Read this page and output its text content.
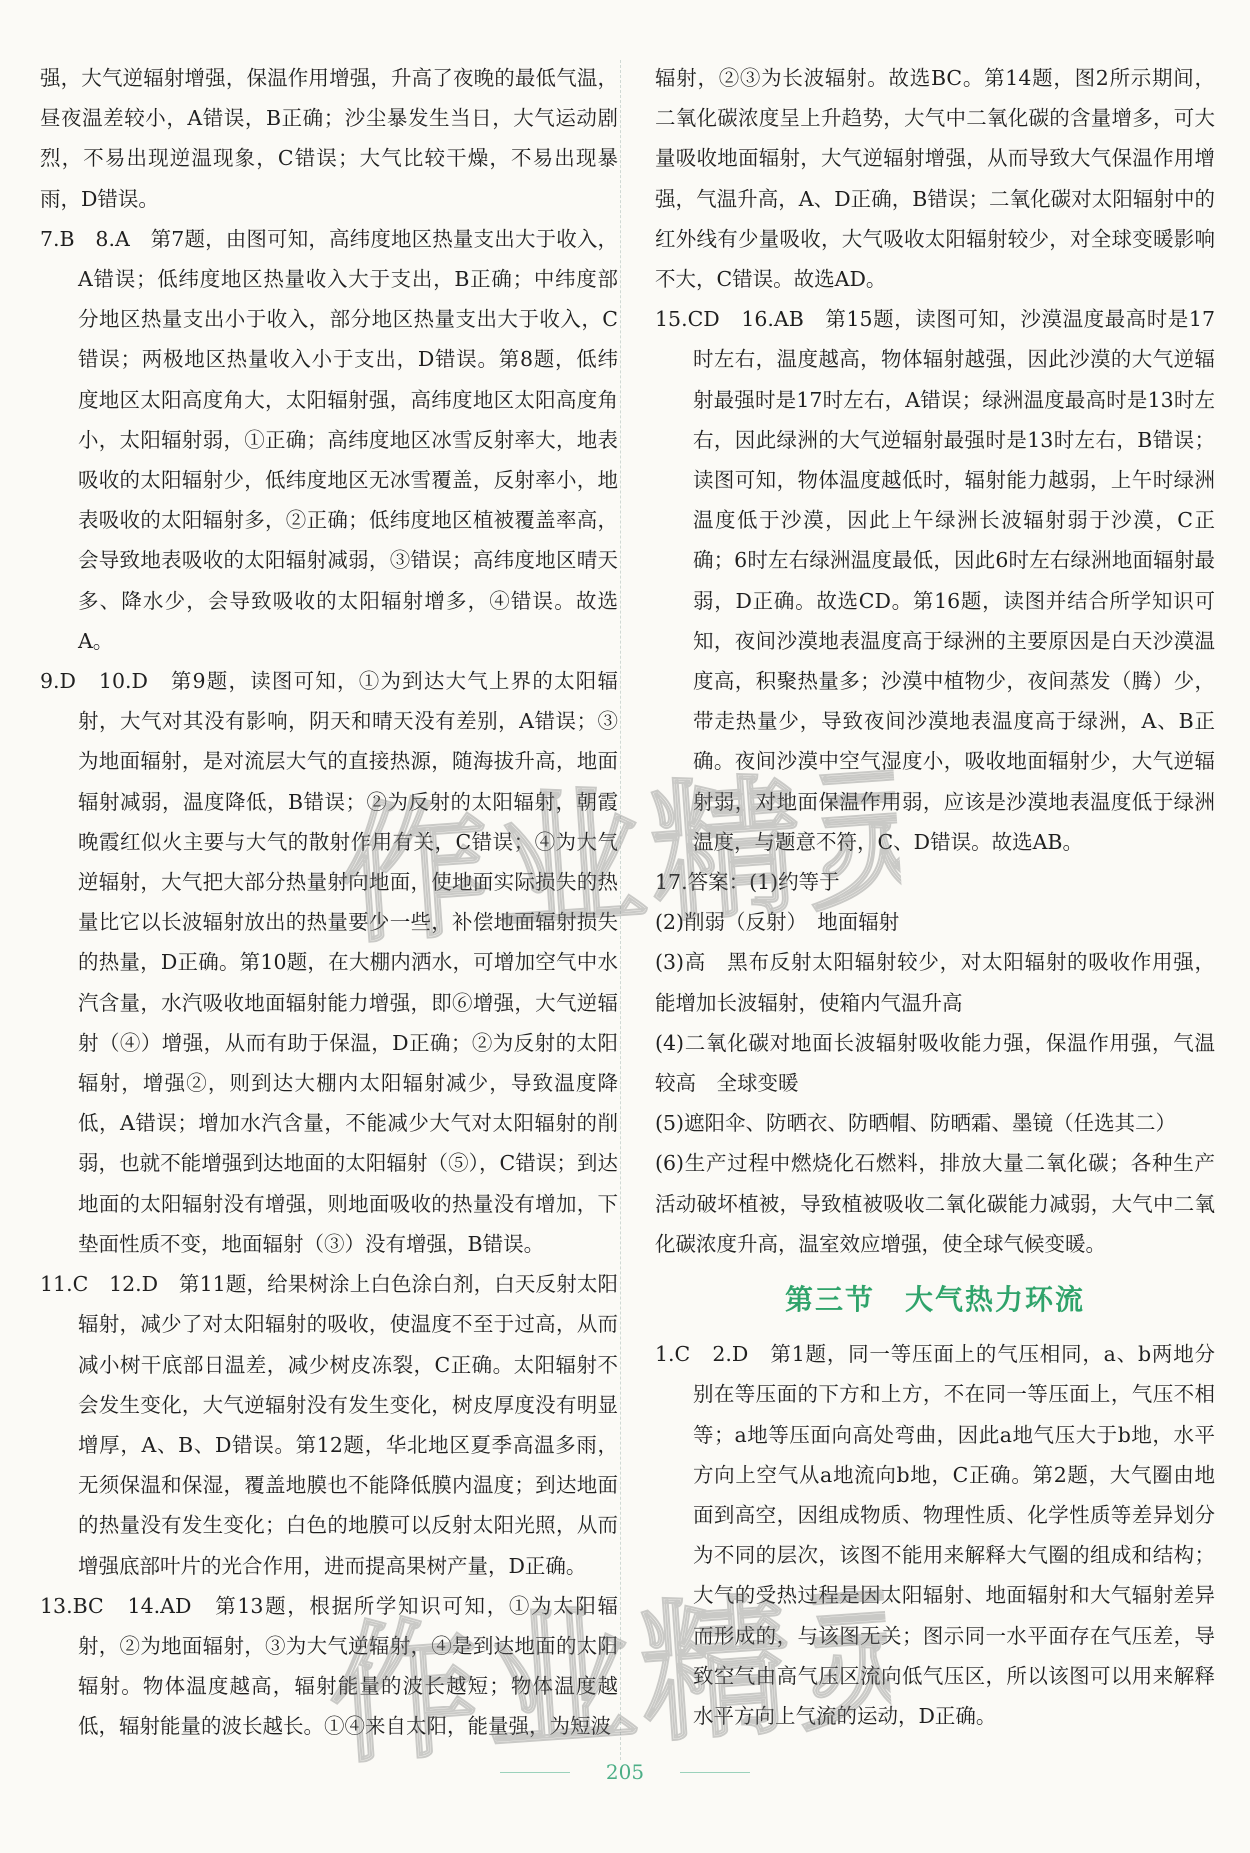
强，大气逆辐射增强，保温作用增强，升高了夜晚的最低气温，昼夜温差较小，A错误，B正确；沙尘暴发生当日，大气运动剧烈，不易出现逆温现象，C错误；大气比较干燥，不易出现暴雨，D错误。
7.B　8.A　第7题，由图可知，高纬度地区热量支出大于收入，A错误；低纬度地区热量收入大于支出，B正确；中纬度部分地区热量支出小于收入，部分地区热量支出大于收入，C错误；两极地区热量收入小于支出，D错误。第8题，低纬度地区太阳高度角大，太阳辐射强，高纬度地区太阳高度角小，太阳辐射弱，①正确；高纬度地区冰雪反射率大，地表吸收的太阳辐射少，低纬度地区无冰雪覆盖，反射率小，地表吸收的太阳辐射多，②正确；低纬度地区植被覆盖率高，会导致地表吸收的太阳辐射减弱，③错误；高纬度地区晴天多、降水少，会导致吸收的太阳辐射增多，④错误。故选A。
9.D　10.D　第9题，读图可知，①为到达大气上界的太阳辐射，大气对其没有影响，阴天和晴天没有差别，A错误；③为地面辐射，是对流层大气的直接热源，随海拔升高，地面辐射减弱，温度降低，B错误；②为反射的太阳辐射，朝霞晚霞红似火主要与大气的散射作用有关，C错误；④为大气逆辐射，大气把大部分热量射向地面，使地面实际损失的热量比它以长波辐射放出的热量要少一些，补偿地面辐射损失的热量，D正确。第10题，在大棚内洒水，可增加空气中水汽含量，水汽吸收地面辐射能力增强，即⑥增强，大气逆辐射（④）增强，从而有助于保温，D正确；②为反射的太阳辐射，增强②，则到达大棚内太阳辐射减少，导致温度降低，A错误；增加水汽含量，不能减少大气对太阳辐射的削弱，也就不能增强到达地面的太阳辐射（⑤），C错误；到达地面的太阳辐射没有增强，则地面吸收的热量没有增加，下垫面性质不变，地面辐射（③）没有增强，B错误。
11.C　12.D　第11题，给果树涂上白色涂白剂，白天反射太阳辐射，减少了对太阳辐射的吸收，使温度不至于过高，从而减小树干底部日温差，减少树皮冻裂，C正确。太阳辐射不会发生变化，大气逆辐射没有发生变化，树皮厚度没有明显增厚，A、B、D错误。第12题，华北地区夏季高温多雨，无须保温和保湿，覆盖地膜也不能降低膜内温度；到达地面的热量没有发生变化；白色的地膜可以反射太阳光照，从而增强底部叶片的光合作用，进而提高果树产量，D正确。
13.BC　14.AD　第13题，根据所学知识可知，①为太阳辐射，②为地面辐射，③为大气逆辐射，④是到达地面的太阳辐射。物体温度越高，辐射能量的波长越短；物体温度越低，辐射能量的波长越长。①④来自太阳，能量强，为短波
辐射，②③为长波辐射。故选BC。第14题，图2所示期间，二氧化碳浓度呈上升趋势，大气中二氧化碳的含量增多，可大量吸收地面辐射，大气逆辐射增强，从而导致大气保温作用增强，气温升高，A、D正确，B错误；二氧化碳对太阳辐射中的红外线有少量吸收，大气吸收太阳辐射较少，对全球变暖影响不大，C错误。故选AD。
15.CD　16.AB　第15题，读图可知，沙漠温度最高时是17时左右，温度越高，物体辐射越强，因此沙漠的大气逆辐射最强时是17时左右，A错误；绿洲温度最高时是13时左右，因此绿洲的大气逆辐射最强时是13时左右，B错误；读图可知，物体温度越低时，辐射能力越弱，上午时绿洲温度低于沙漠，因此上午绿洲长波辐射弱于沙漠，C正确；6时左右绿洲温度最低，因此6时左右绿洲地面辐射最弱，D正确。故选CD。第16题，读图并结合所学知识可知，夜间沙漠地表温度高于绿洲的主要原因是白天沙漠温度高，积聚热量多；沙漠中植物少，夜间蒸发（腾）少，带走热量少，导致夜间沙漠地表温度高于绿洲，A、B正确。夜间沙漠中空气湿度小，吸收地面辐射少，大气逆辐射弱，对地面保温作用弱，应该是沙漠地表温度低于绿洲温度，与题意不符，C、D错误。故选AB。
17.答案：(1)约等于
(2)削弱（反射）　地面辐射
(3)高　黑布反射太阳辐射较少，对太阳辐射的吸收作用强，能增加长波辐射，使箱内气温升高
(4)二氧化碳对地面长波辐射吸收能力强，保温作用强，气温较高　全球变暖
(5)遮阳伞、防晒衣、防晒帽、防晒霜、墨镜（任选其二）
(6)生产过程中燃烧化石燃料，排放大量二氧化碳；各种生产活动破坏植被，导致植被吸收二氧化碳能力减弱，大气中二氧化碳浓度升高，温室效应增强，使全球气候变暖。
第三节　大气热力环流
1.C　2.D　第1题，同一等压面上的气压相同，a、b两地分别在等压面的下方和上方，不在同一等压面上，气压不相等；a地等压面向高处弯曲，因此a地气压大于b地，水平方向上空气从a地流向b地，C正确。第2题，大气圈由地面到高空，因组成物质、物理性质、化学性质等差异划分为不同的层次，该图不能用来解释大气圈的组成和结构；大气的受热过程是因太阳辐射、地面辐射和大气辐射差异而形成的，与该图无关；图示同一水平面存在气压差，导致空气由高气压区流向低气压区，所以该图可以用来解释水平方向上气流的运动，D正确。
作业精灵
作业精灵
205
